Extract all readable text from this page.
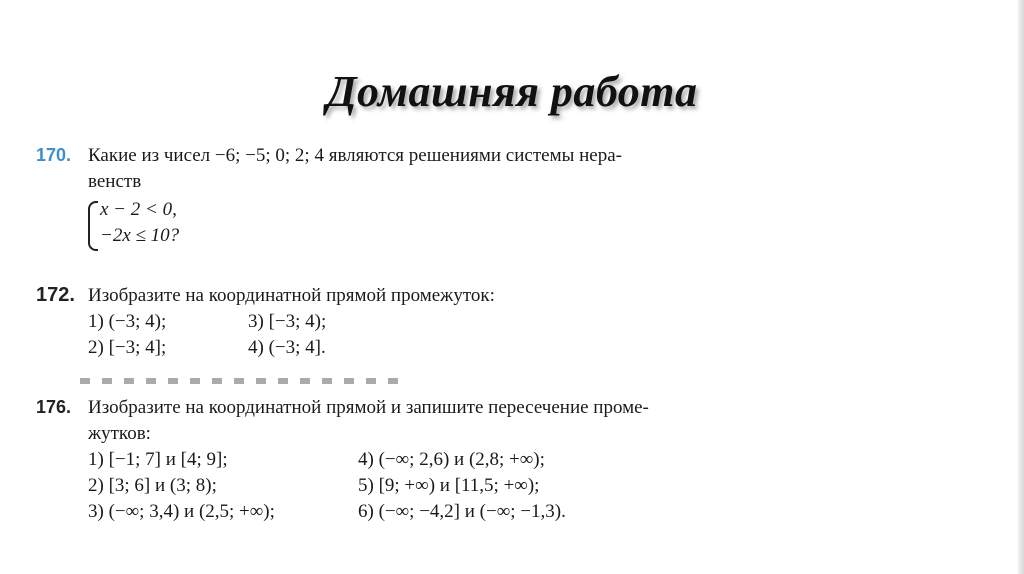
Домашняя работа
170. Какие из чисел −6; −5; 0; 2; 4 являются решениями системы нера-
венств
x − 2 < 0,
−2x ≤ 10?
172. Изобразите на координатной прямой промежуток:
1) (−3; 4);	3) [−3; 4);
2) [−3; 4];	4) (−3; 4].
176. Изобразите на координатной прямой и запишите пересечение проме-
жутков:
1) [−1; 7] и [4; 9];	4) (−∞; 2,6) и (2,8; +∞);
2) [3; 6] и (3; 8);	5) [9; +∞) и [11,5; +∞);
3) (−∞; 3,4) и (2,5; +∞);	6) (−∞; −4,2] и (−∞; −1,3).
